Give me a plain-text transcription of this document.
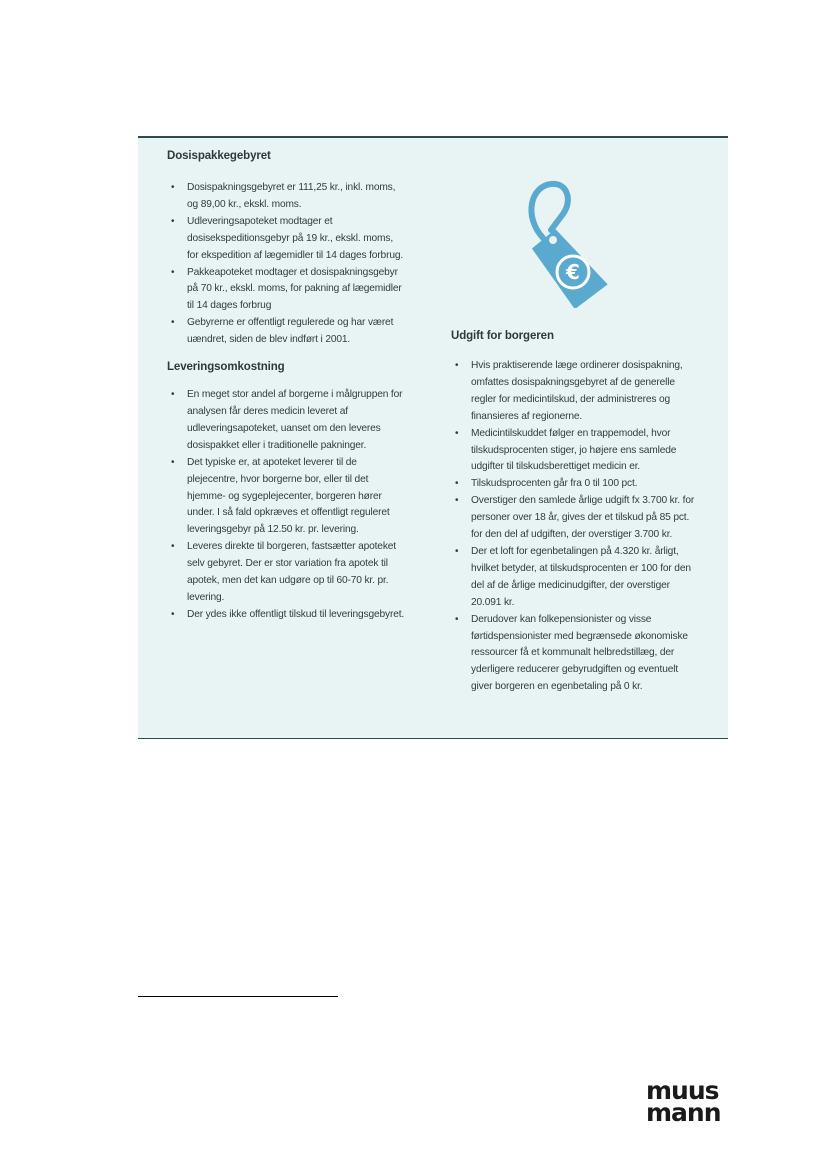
Dosispakkegebyret
• Dosispakningsgebyret er 111,25 kr., inkl. moms, og 89,00 kr., ekskl. moms.
• Udleveringsapoteket modtager et dosisekspeditionsgebyr på 19 kr., ekskl. moms, for ekspedition af lægemidler til 14 dages forbrug.
• Pakkeapoteket modtager et dosispakningsgebyr på 70 kr., ekskl. moms, for pakning af lægemidler til 14 dages forbrug
• Gebyrerne er offentligt regulerede og har været uændret, siden de blev indført i 2001.
Leveringsomkostning
• En meget stor andel af borgerne i målgruppen for analysen får deres medicin leveret af udleveringsapoteket, uanset om den leveres dosispakket eller i traditionelle pakninger.
• Det typiske er, at apoteket leverer til de plejecentre, hvor borgerne bor, eller til det hjemme- og sygeplejecenter, borgeren hører under. I så fald opkræves et offentligt reguleret leveringsgebyr på 12.50 kr. pr. levering.
• Leveres direkte til borgeren, fastsætter apoteket selv gebyret. Der er stor variation fra apotek til apotek, men det kan udgøre op til 60-70 kr. pr. levering.
• Der ydes ikke offentligt tilskud til leveringsgebyret.
€
Udgift for borgeren
• Hvis praktiserende læge ordinerer dosispakning, omfattes dosispakningsgebyret af de generelle regler for medicintilskud, der administreres og finansieres af regionerne.
• Medicintilskuddet følger en trappemodel, hvor tilskudsprocenten stiger, jo højere ens samlede udgifter til tilskudsberettiget medicin er.
• Tilskudsprocenten går fra 0 til 100 pct.
• Overstiger den samlede årlige udgift fx 3.700 kr. for personer over 18 år, gives der et tilskud på 85 pct. for den del af udgiften, der overstiger 3.700 kr.
• Der et loft for egenbetalingen på 4.320 kr. årligt, hvilket betyder, at tilskudsprocenten er 100 for den del af de årlige medicinudgifter, der overstiger 20.091 kr.
• Derudover kan folkepensionister og visse førtidspensionister med begrænsede økonomiske ressourcer få et kommunalt helbredstillæg, der yderligere reducerer gebyrudgiften og eventuelt giver borgeren en egenbetaling på 0 kr.
muus
mann
